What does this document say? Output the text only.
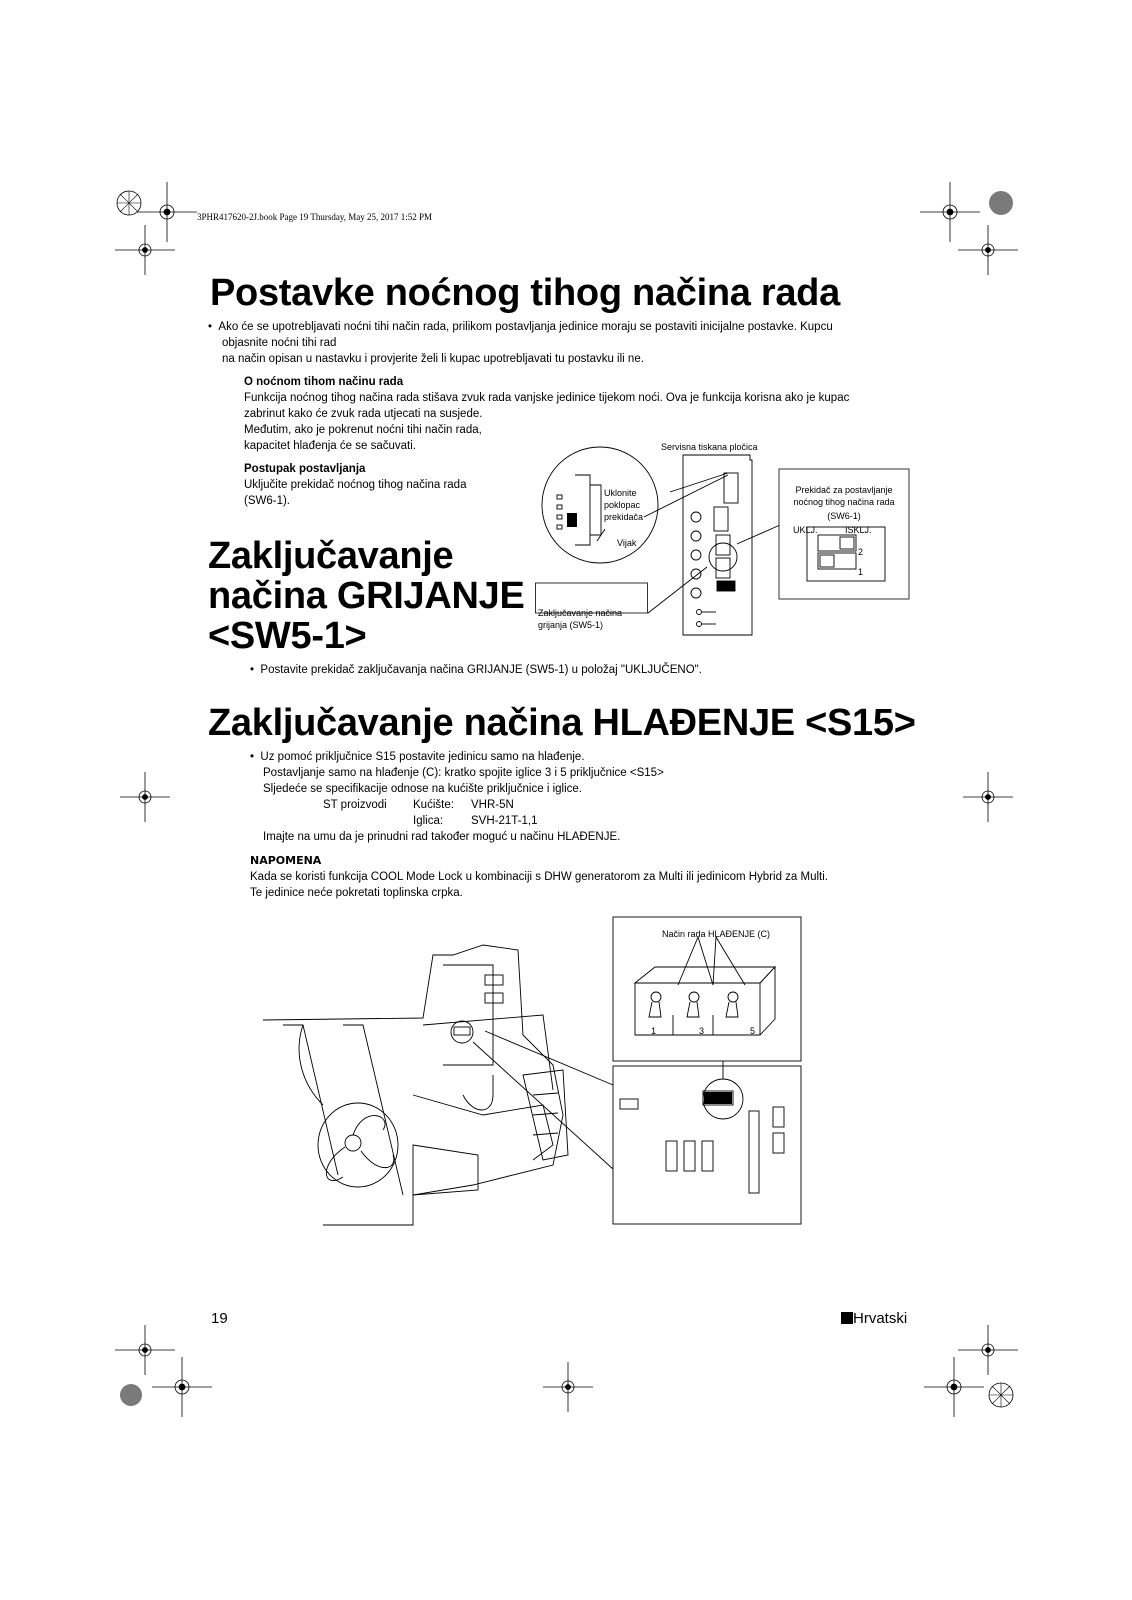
3PHR417620-2J.book Page 19 Thursday, May 25, 2017 1:52 PM
Postavke noćnog tihog načina rada
•  Ako će se upotrebljavati noćni tihi način rada, prilikom postavljanja jedinice moraju se postaviti inicijalne postavke. Kupcu
objasnite noćni tihi rad
na način opisan u nastavku i provjerite želi li kupac upotrebljavati tu postavku ili ne.
O noćnom tihom načinu rada
Funkcija noćnog tihog načina rada stišava zvuk rada vanjske jedinice tijekom noći. Ova je funkcija korisna ako je kupac
zabrinut kako će zvuk rada utjecati na susjede.
Međutim, ako je pokrenut noćni tihi način rada,
kapacitet hlađenja će se sačuvati.
Postupak postavljanja
Uključite prekidač noćnog tihog načina rada
(SW6-1).
Servisna tiskana pločica
Uklonite
poklopac
prekidača
Vijak
Zaključavanje načina
grijanja (SW5-1)
Prekidač za postavljanje
noćnog tihog načina rada
(SW6-1)
UKLJ.	ISKLJ.
2
1
Zaključavanje
načina GRIJANJE
<SW5-1>
•  Postavite prekidač zaključavanja načina GRIJANJE (SW5-1) u položaj "UKLJUČENO".
Zaključavanje načina HLAĐENJE <S15>
•  Uz pomoć priključnice S15 postavite jedinicu samo na hlađenje.
Postavljanje samo na hlađenje (C): kratko spojite iglice 3 i 5 priključnice <S15>
Sljedeće se specifikacije odnose na kućište priključnice i iglice.
ST proizvodi Kućište: VHR-5N
Iglica: SVH-21T-1,1
Imajte na umu da je prinudni rad također moguć u načinu HLAĐENJE.
NAPOMENA
Kada se koristi funkcija COOL Mode Lock u kombinaciji s DHW generatorom za Multi ili jedinicom Hybrid za Multi.
Te jedinice neće pokretati toplinska crpka.
Način rada HLAĐENJE (C)
1	3	5
19	Hrvatski
